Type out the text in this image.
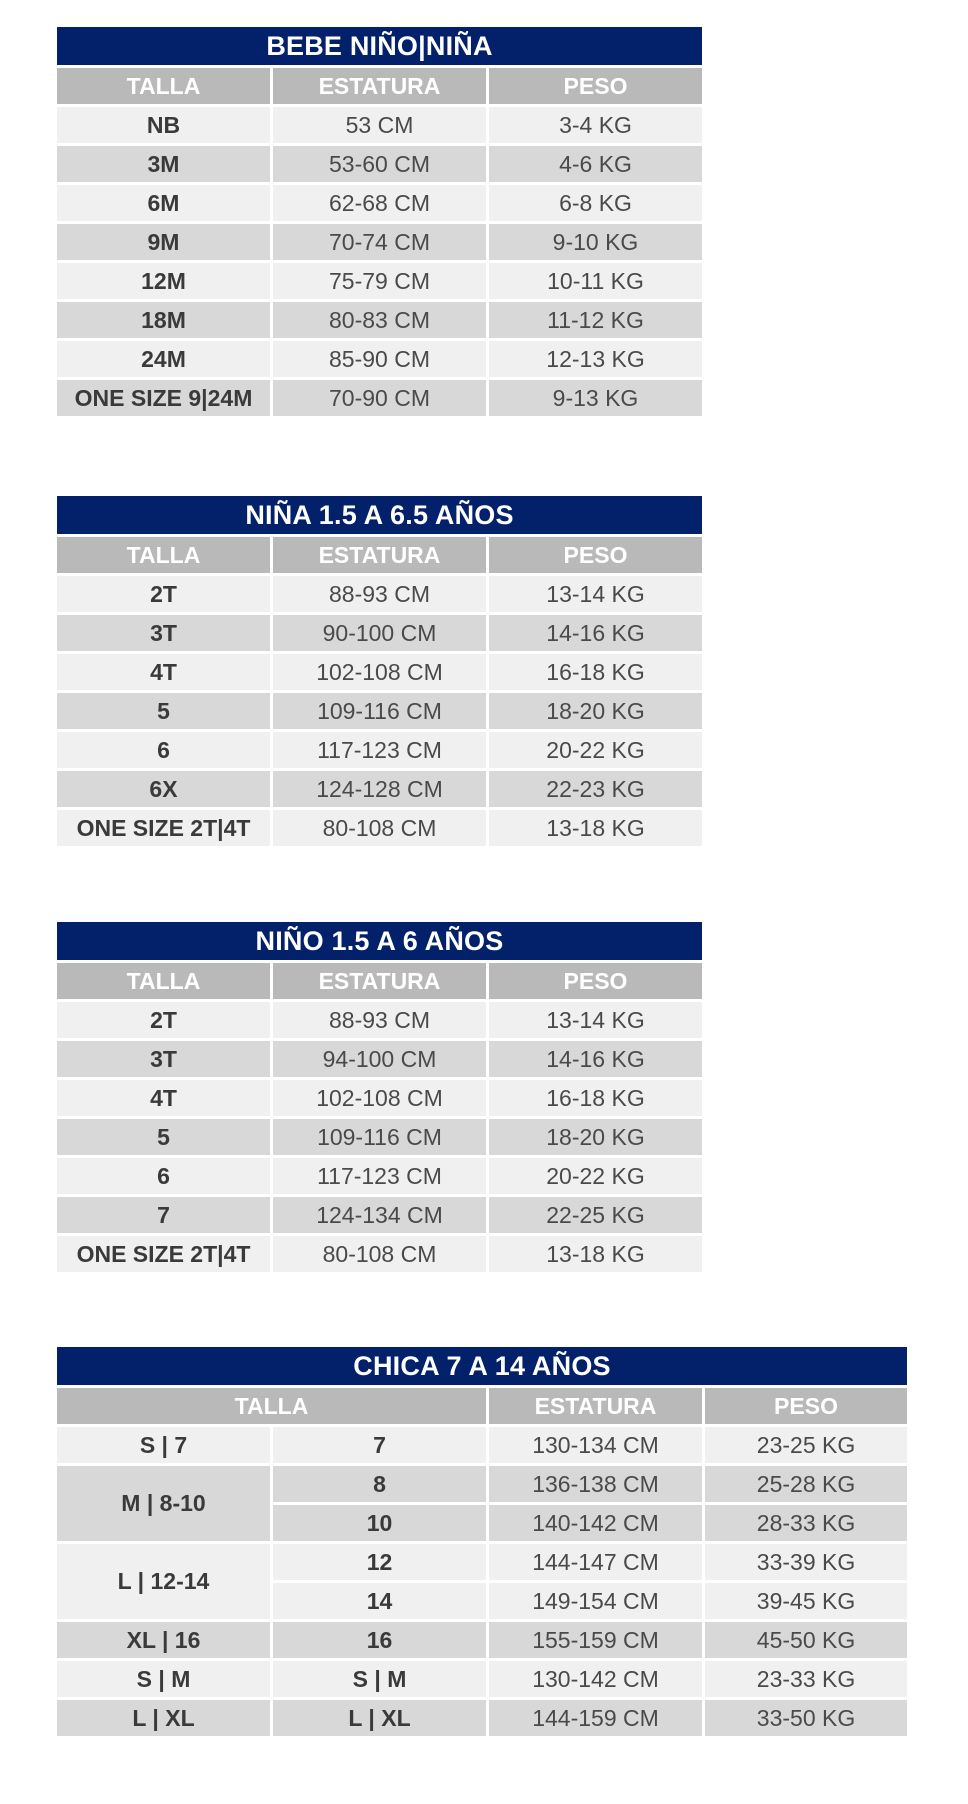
BEBE NIÑO|NIÑA		
TALLA	ESTATURA	PESO
NB	53 CM	3-4 KG
3M	53-60 CM	4-6 KG
6M	62-68 CM	6-8 KG
9M	70-74 CM	9-10 KG
12M	75-79 CM	10-11 KG
18M	80-83 CM	11-12 KG
24M	85-90 CM	12-13 KG
ONE SIZE 9|24M	70-90 CM	9-13 KG
NIÑA 1.5 A 6.5 AÑOS		
TALLA	ESTATURA	PESO
2T	88-93 CM	13-14 KG
3T	90-100 CM	14-16 KG
4T	102-108 CM	16-18 KG
5	109-116 CM	18-20 KG
6	117-123 CM	20-22 KG
6X	124-128 CM	22-23 KG
ONE SIZE 2T|4T	80-108 CM	13-18 KG
NIÑO 1.5 A 6 AÑOS		
TALLA	ESTATURA	PESO
2T	88-93 CM	13-14 KG
3T	94-100 CM	14-16 KG
4T	102-108 CM	16-18 KG
5	109-116 CM	18-20 KG
6	117-123 CM	20-22 KG
7	124-134 CM	22-25 KG
ONE SIZE 2T|4T	80-108 CM	13-18 KG
CHICA 7 A 14 AÑOS			
TALLA		ESTATURA	PESO
S | 7	7	130-134 CM	23-25 KG
M | 8-10	8	136-138 CM	25-28 KG
	10	140-142 CM	28-33 KG
L | 12-14	12	144-147 CM	33-39 KG
	14	149-154 CM	39-45 KG
XL | 16	16	155-159 CM	45-50 KG
S | M	S | M	130-142 CM	23-33 KG
L | XL	L | XL	144-159 CM	33-50 KG
